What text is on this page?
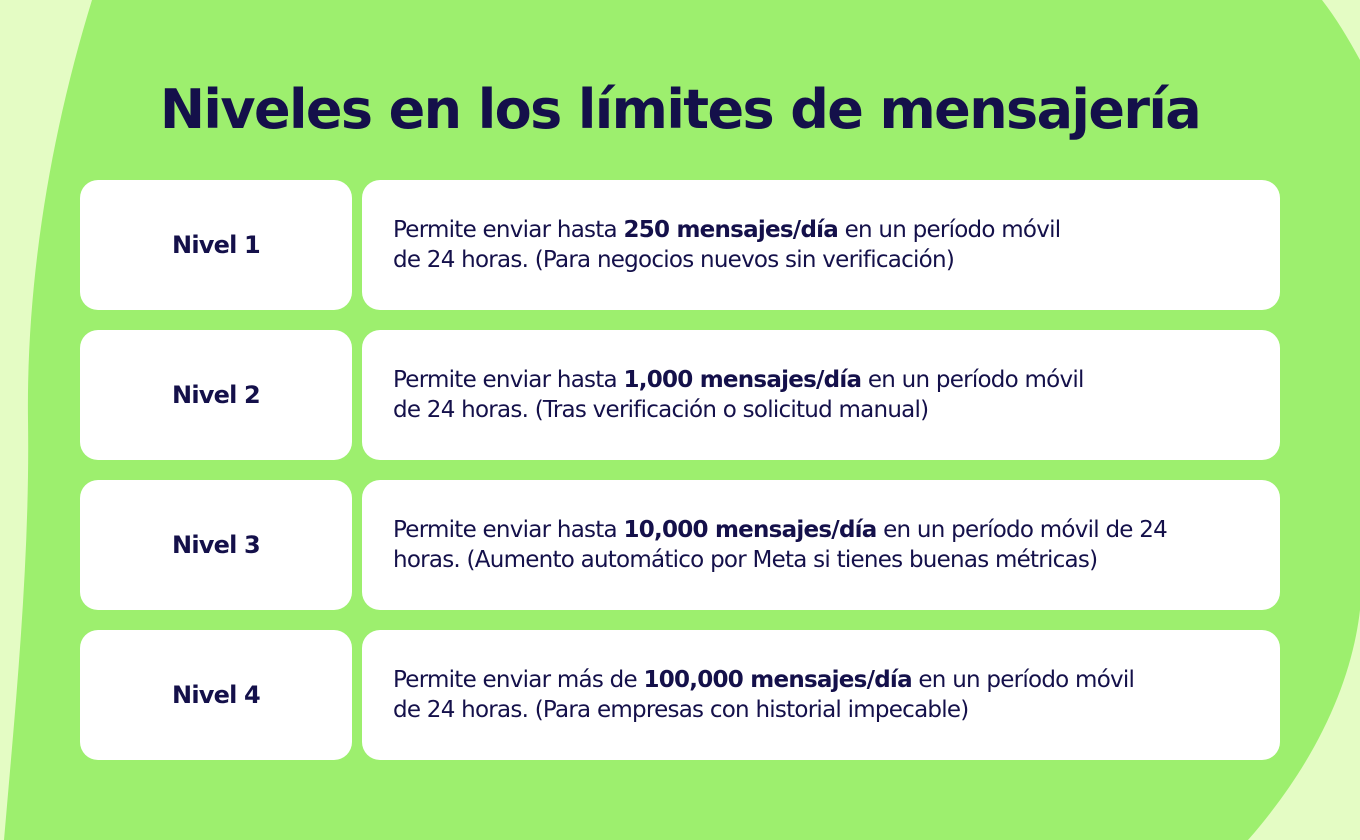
Niveles en los límites de mensajería
Nivel 1
Permite enviar hasta 250 mensajes/día en un período móvil
de 24 horas. (Para negocios nuevos sin verificación)
Nivel 2
Permite enviar hasta 1,000 mensajes/día en un período móvil
de 24 horas. (Tras verificación o solicitud manual)
Nivel 3
Permite enviar hasta 10,000 mensajes/día en un período móvil de 24
horas. (Aumento automático por Meta si tienes buenas métricas)
Nivel 4
Permite enviar más de 100,000 mensajes/día en un período móvil
de 24 horas. (Para empresas con historial impecable)
